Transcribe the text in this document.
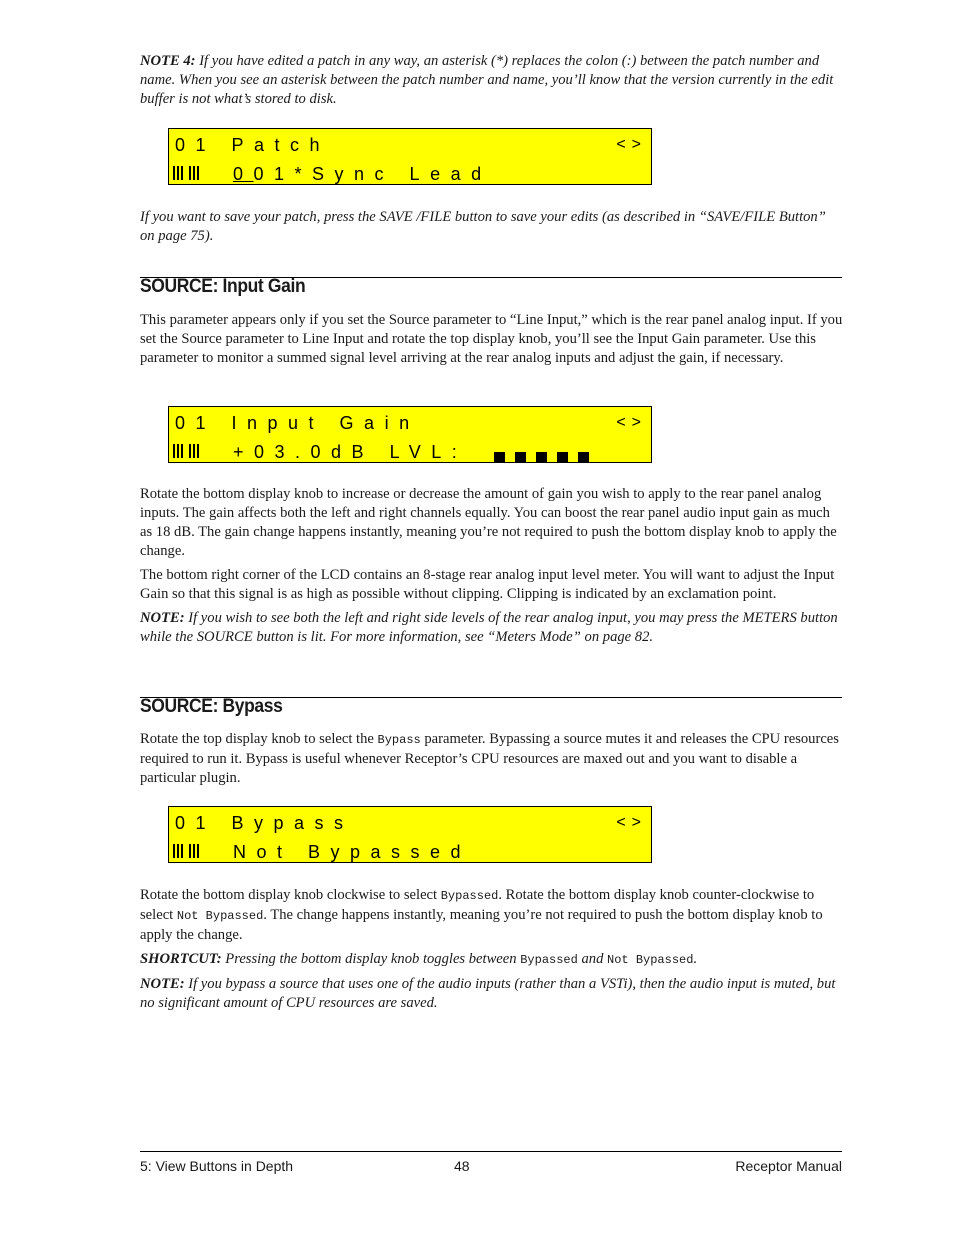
NOTE 4: If you have edited a patch in any way, an asterisk (*) replaces the colon (:) between the patch number and name. When you see an asterisk between the patch number and name, you’ll know that the version currently in the edit buffer is not what’s stored to disk.

01 Patch	<>
001*Sync Lead

If you want to save your patch, press the SAVE /FILE button to save your edits (as described in “SAVE/FILE Button” on page 75).

SOURCE: Input Gain

This parameter appears only if you set the Source parameter to “Line Input,” which is the rear panel analog input. If you set the Source parameter to Line Input and rotate the top display knob, you’ll see the Input Gain parameter. Use this parameter to monitor a summed signal level arriving at the rear analog inputs and adjust the gain, if necessary.

01 Input Gain	<>
+03.0dB LVL:

Rotate the bottom display knob to increase or decrease the amount of gain you wish to apply to the rear panel analog inputs. The gain affects both the left and right channels equally. You can boost the rear panel audio input gain as much as 18 dB. The gain change happens instantly, meaning you’re not required to push the bottom display knob to apply the change.

The bottom right corner of the LCD contains an 8-stage rear analog input level meter. You will want to adjust the Input Gain so that this signal is as high as possible without clipping. Clipping is indicated by an exclamation point.

NOTE: If you wish to see both the left and right side levels of the rear analog input, you may press the METERS button while the SOURCE button is lit. For more information, see “Meters Mode” on page 82.

SOURCE: Bypass

Rotate the top display knob to select the Bypass parameter. Bypassing a source mutes it and releases the CPU resources required to run it. Bypass is useful whenever Receptor’s CPU resources are maxed out and you want to disable a particular plugin.

01 Bypass	<>
Not Bypassed

Rotate the bottom display knob clockwise to select Bypassed. Rotate the bottom display knob counter-clockwise to select Not Bypassed. The change happens instantly, meaning you’re not required to push the bottom display knob to apply the change.

SHORTCUT: Pressing the bottom display knob toggles between Bypassed and Not Bypassed.

NOTE: If you bypass a source that uses one of the audio inputs (rather than a VSTi), then the audio input is muted, but no significant amount of CPU resources are saved.

5: View Buttons in Depth	48	Receptor Manual
